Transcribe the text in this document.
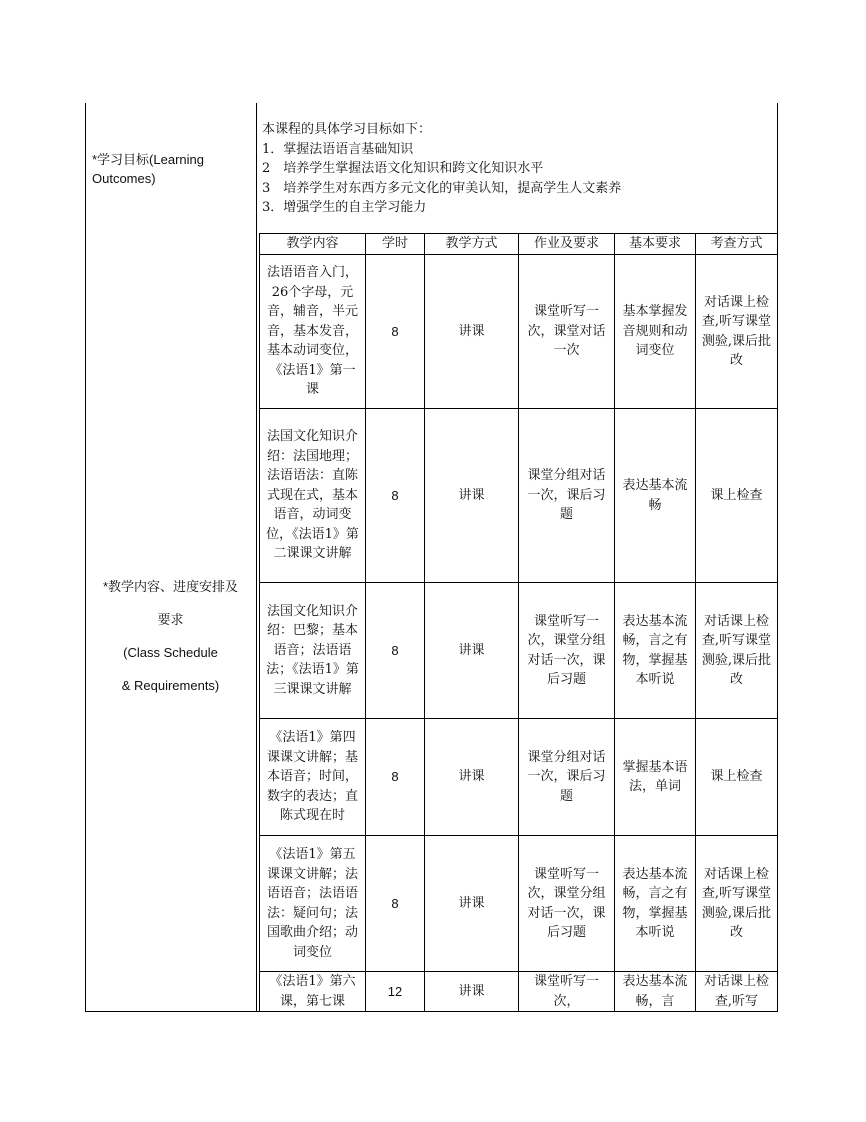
*学习目标(Learning Outcomes)
本课程的具体学习目标如下：
1．掌握法语语言基础知识
2　培养学生掌握法语文化知识和跨文化知识水平
3　培养学生对东西方多元文化的审美认知，提高学生人文素养
3．增强学生的自主学习能力
*教学内容、进度安排及
要求
(Class Schedule
& Requirements)
教学内容	学时	教学方式	作业及要求	基本要求	考查方式

法语语音入门，26个字母，元音，辅音，半元音，基本发音，基本动词变位，《法语1》第一课	8	讲课	课堂听写一次，课堂对话一次	基本掌握发音规则和动词变位	对话课上检查,听写课堂测验,课后批改

法国文化知识介绍：法国地理；法语语法：直陈式现在式，基本语音，动词变位，《法语1》第二课课文讲解	8	讲课	课堂分组对话一次，课后习题	表达基本流畅	课上检查

法国文化知识介绍：巴黎；基本语音；法语语法；《法语1》第三课课文讲解	8	讲课	课堂听写一次，课堂分组对话一次，课后习题	表达基本流畅，言之有物，掌握基本听说	对话课上检查,听写课堂测验,课后批改

《法语1》第四课课文讲解；基本语音；时间，数字的表达；直陈式现在时	8	讲课	课堂分组对话一次，课后习题	掌握基本语法，单词	课上检查

《法语1》第五课课文讲解；法语语音；法语语法：疑问句；法国歌曲介绍；动词变位	8	讲课	课堂听写一次，课堂分组对话一次，课后习题	表达基本流畅，言之有物，掌握基本听说	对话课上检查,听写课堂测验,课后批改

《法语1》第六课，第七课	12	讲课	课堂听写一次，	表达基本流畅，言	对话课上检查,听写
